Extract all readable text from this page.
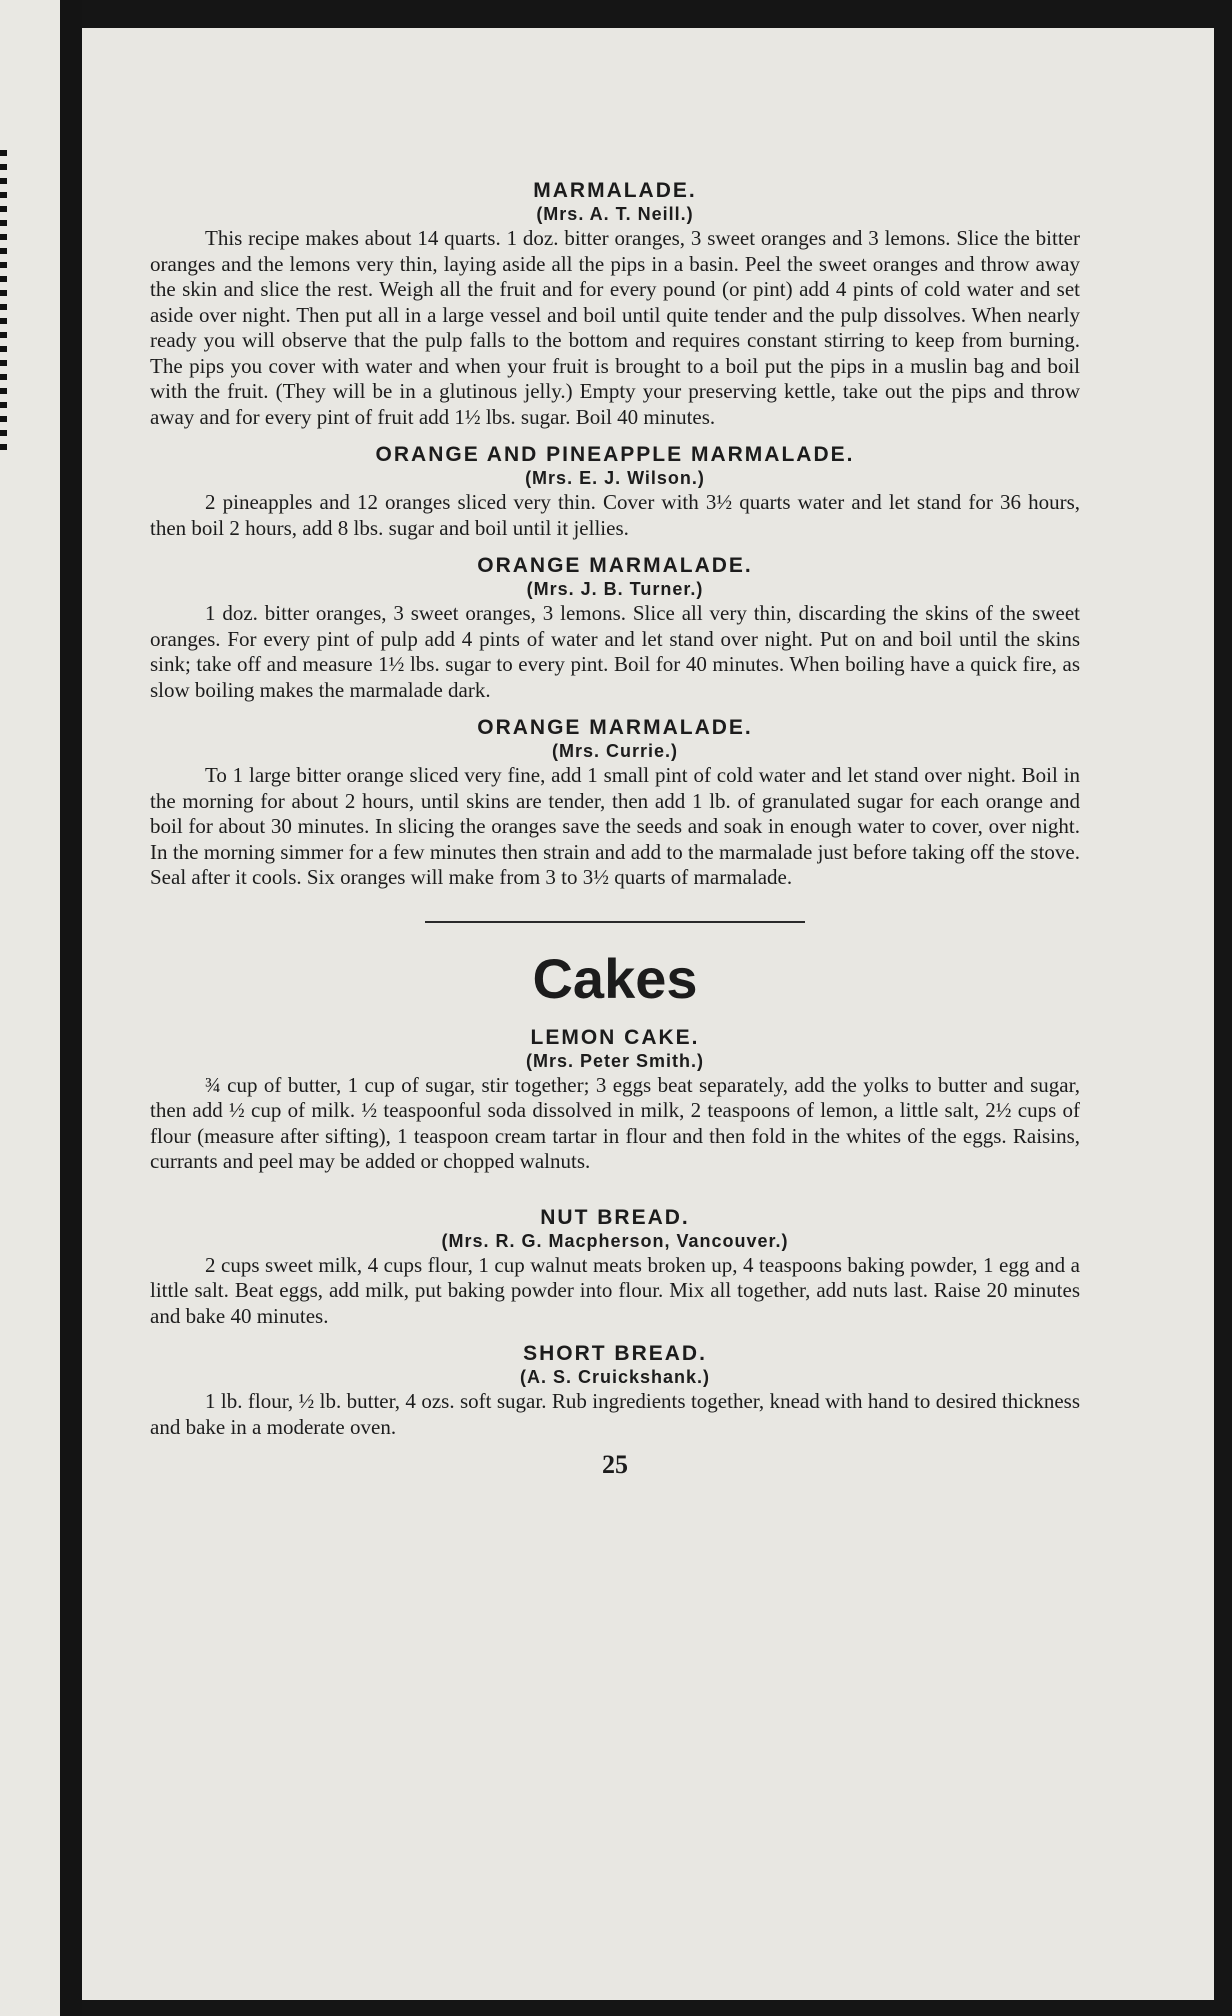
MARMALADE.
(Mrs. A. T. Neill.)

This recipe makes about 14 quarts. 1 doz. bitter oranges, 3 sweet oranges and 3 lemons. Slice the bitter oranges and the lemons very thin, laying aside all the pips in a basin. Peel the sweet oranges and throw away the skin and slice the rest. Weigh all the fruit and for every pound (or pint) add 4 pints of cold water and set aside over night. Then put all in a large vessel and boil until quite tender and the pulp dissolves. When nearly ready you will observe that the pulp falls to the bottom and requires constant stirring to keep from burning. The pips you cover with water and when your fruit is brought to a boil put the pips in a muslin bag and boil with the fruit. (They will be in a glutinous jelly.) Empty your preserving kettle, take out the pips and throw away and for every pint of fruit add 1½ lbs. sugar. Boil 40 minutes.

ORANGE AND PINEAPPLE MARMALADE.
(Mrs. E. J. Wilson.)

2 pineapples and 12 oranges sliced very thin. Cover with 3½ quarts water and let stand for 36 hours, then boil 2 hours, add 8 lbs. sugar and boil until it jellies.

ORANGE MARMALADE.
(Mrs. J. B. Turner.)

1 doz. bitter oranges, 3 sweet oranges, 3 lemons. Slice all very thin, discarding the skins of the sweet oranges. For every pint of pulp add 4 pints of water and let stand over night. Put on and boil until the skins sink; take off and measure 1½ lbs. sugar to every pint. Boil for 40 minutes. When boiling have a quick fire, as slow boiling makes the marmalade dark.

ORANGE MARMALADE.
(Mrs. Currie.)

To 1 large bitter orange sliced very fine, add 1 small pint of cold water and let stand over night. Boil in the morning for about 2 hours, until skins are tender, then add 1 lb. of granulated sugar for each orange and boil for about 30 minutes. In slicing the oranges save the seeds and soak in enough water to cover, over night. In the morning simmer for a few minutes then strain and add to the marmalade just before taking off the stove. Seal after it cools. Six oranges will make from 3 to 3½ quarts of marmalade.

Cakes
LEMON CAKE.
(Mrs. Peter Smith.)

¾ cup of butter, 1 cup of sugar, stir together; 3 eggs beat separately, add the yolks to butter and sugar, then add ½ cup of milk. ½ teaspoonful soda dissolved in milk, 2 teaspoons of lemon, a little salt, 2½ cups of flour (measure after sifting), 1 teaspoon cream tartar in flour and then fold in the whites of the eggs. Raisins, currants and peel may be added or chopped walnuts.

NUT BREAD.
(Mrs. R. G. Macpherson, Vancouver.)

2 cups sweet milk, 4 cups flour, 1 cup walnut meats broken up, 4 teaspoons baking powder, 1 egg and a little salt. Beat eggs, add milk, put baking powder into flour. Mix all together, add nuts last. Raise 20 minutes and bake 40 minutes.

SHORT BREAD.
(A. S. Cruickshank.)

1 lb. flour, ½ lb. butter, 4 ozs. soft sugar. Rub ingredients together, knead with hand to desired thickness and bake in a moderate oven.

25
